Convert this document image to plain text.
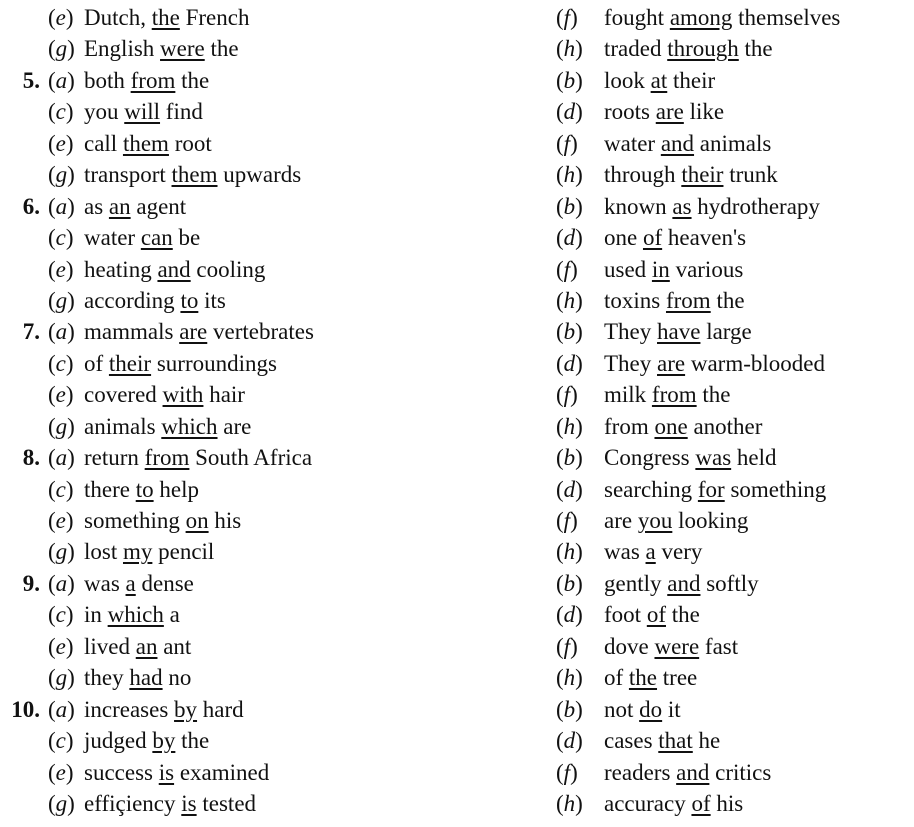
(e) Dutch, the French
(g) English were the
5. (a) both from the
(c) you will find
(e) call them root
(g) transport them upwards
6. (a) as an agent
(c) water can be
(e) heating and cooling
(g) according to its
7. (a) mammals are vertebrates
(c) of their surroundings
(e) covered with hair
(g) animals which are
8. (a) return from South Africa
(c) there to help
(e) something on his
(g) lost my pencil
9. (a) was a dense
(c) in which a
(e) lived an ant
(g) they had no
10. (a) increases by hard
(c) judged by the
(e) success is examined
(g) effiçiency is tested
(f) fought among themselves
(h) traded through the
(b) look at their
(d) roots are like
(f) water and animals
(h) through their trunk
(b) known as hydrotherapy
(d) one of heaven's
(f) used in various
(h) toxins from the
(b) They have large
(d) They are warm-blooded
(f) milk from the
(h) from one another
(b) Congress was held
(d) searching for something
(f) are you looking
(h) was a very
(b) gently and softly
(d) foot of the
(f) dove were fast
(h) of the tree
(b) not do it
(d) cases that he
(f) readers and critics
(h) accuracy of his
